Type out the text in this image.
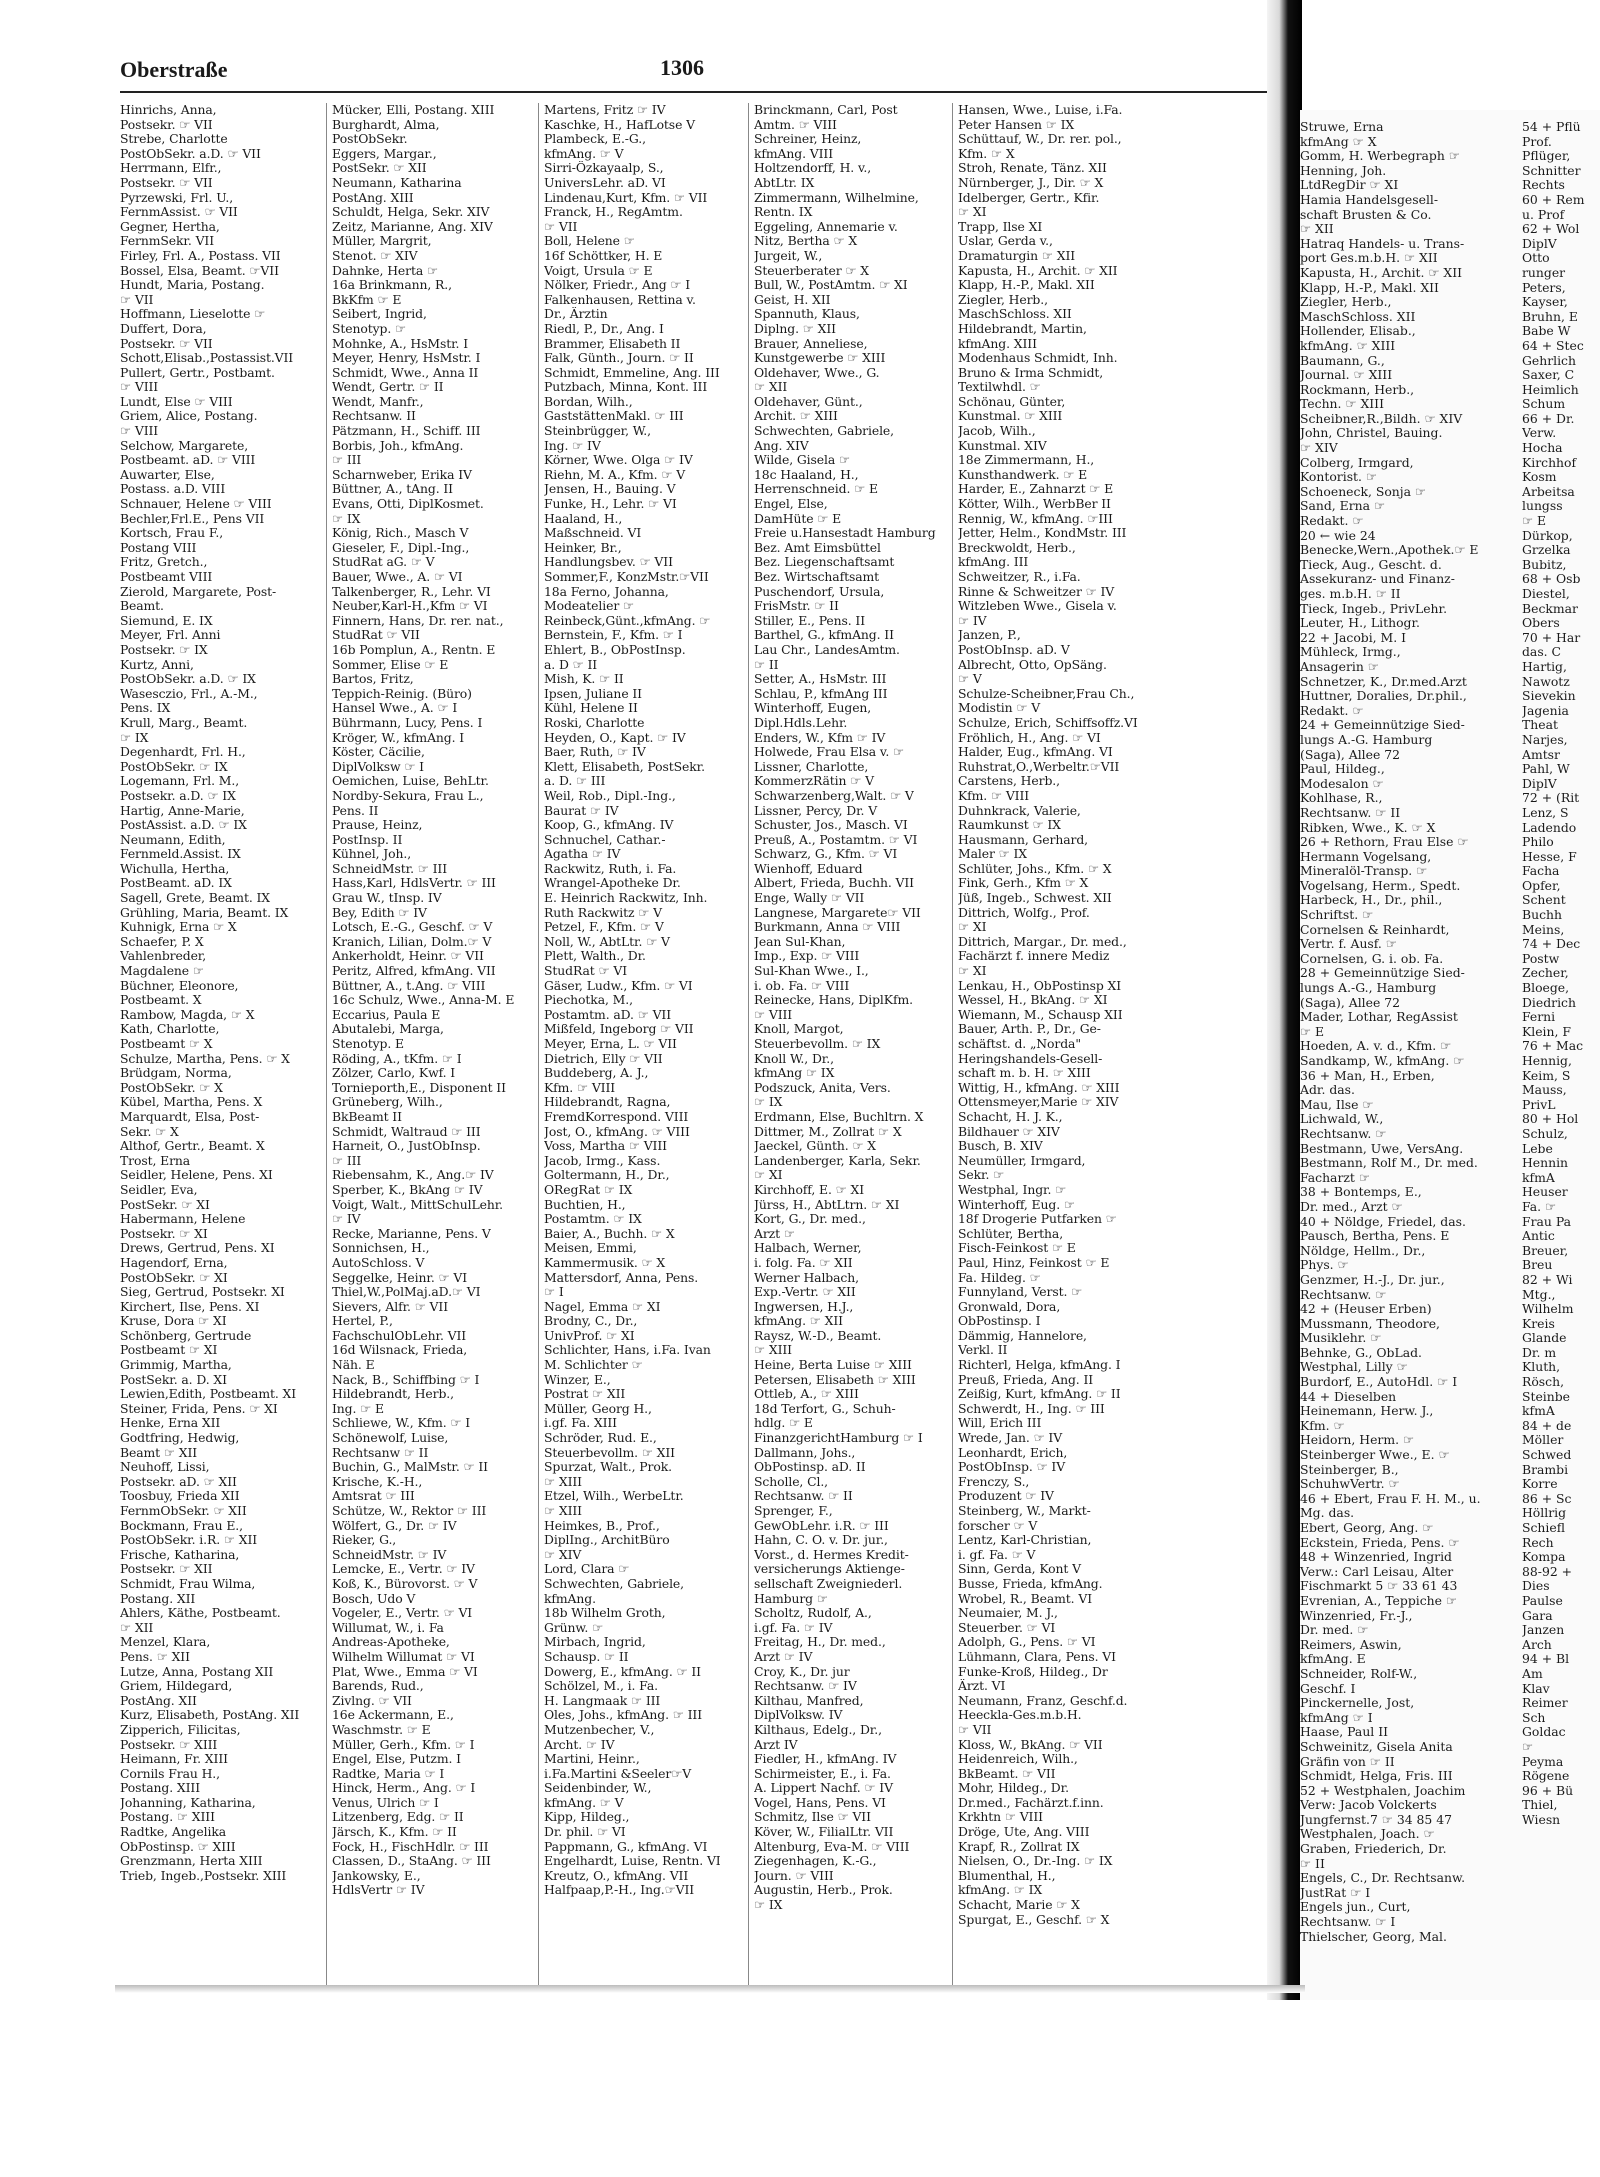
Oberstraße	1306
Hinrichs, Anna,
Postsekr. ☞ VII
Strebe, Charlotte
PostObSekr. a.D. ☞ VII
Herrmann, Elfr.,
Postsekr. ☞ VII
Pyrzewski, Frl. U.,
FernmAssist. ☞ VII
Gegner, Hertha,
FernmSekr. VII
Firley, Frl. A., Postass. VII
Bossel, Elsa, Beamt. ☞VII
Hundt, Maria, Postang.
☞ VII
Hoffmann, Lieselotte ☞
Duffert, Dora,
Postsekr. ☞ VII
Schott,Elisab.,Postassist.VII
Pullert, Gertr., Postbamt.
☞ VIII
Lundt, Else ☞ VIII
Griem, Alice, Postang.
☞ VIII
Selchow, Margarete,
Postbeamt. aD. ☞ VIII
Auwarter, Else,
Postass. a.D. VIII
Schnauer, Helene ☞ VIII
Bechler,Frl.E., Pens VII
Kortsch, Frau F.,
Postang VIII
Fritz, Gretch.,
Postbeamt VIII
Zierold, Margarete, Post-
Beamt.
Siemund, E. IX
Meyer, Frl. Anni
Postsekr. ☞ IX
Kurtz, Anni,
PostObSekr. a.D. ☞ IX
Wasesczio, Frl., A.-M.,
Pens. IX
Krull, Marg., Beamt.
☞ IX
Degenhardt, Frl. H.,
PostObSekr. ☞ IX
Logemann, Frl. M.,
Postsekr. a.D. ☞ IX
Hartig, Anne-Marie,
PostAssist. a.D. ☞ IX
Neumann, Edith,
Fernmeld.Assist. IX
Wichulla, Hertha,
PostBeamt. aD. IX
Sagell, Grete, Beamt. IX
Grühling, Maria, Beamt. IX
Kuhnigk, Erna ☞ X
Schaefer, P. X
Vahlenbreder,
Magdalene ☞
Büchner, Eleonore,
Postbeamt. X
Rambow, Magda, ☞ X
Kath, Charlotte,
Postbeamt ☞ X
Schulze, Martha, Pens. ☞ X
Brüdgam, Norma,
PostObSekr. ☞ X
Kübel, Martha, Pens. X
Marquardt, Elsa, Post-
Sekr. ☞ X
Althof, Gertr., Beamt. X
Trost, Erna
Seidler, Helene, Pens. XI
Seidler, Eva,
PostSekr. ☞ XI
Habermann, Helene
Postsekr. ☞ XI
Drews, Gertrud, Pens. XI
Hagendorf, Erna,
PostObSekr. ☞ XI
Sieg, Gertrud, Postsekr. XI
Kirchert, Ilse, Pens. XI
Kruse, Dora ☞ XI
Schönberg, Gertrude
Postbeamt ☞ XI
Grimmig, Martha,
PostSekr. a. D. XI
Lewien,Edith, Postbeamt. XI
Steiner, Frida, Pens. ☞ XI
Henke, Erna XII
Godtfring, Hedwig,
Beamt ☞ XII
Neuhoff, Lissi,
Postsekr. aD. ☞ XII
Toosbuy, Frieda XII
FernmObSekr. ☞ XII
Bockmann, Frau E.,
PostObSekr. i.R. ☞ XII
Frische, Katharina,
Postsekr. ☞ XII
Schmidt, Frau Wilma,
Postang. XII
Ahlers, Käthe, Postbeamt.
☞ XII
Menzel, Klara,
Pens. ☞ XII
Lutze, Anna, Postang XII
Griem, Hildegard,
PostAng. XII
Kurz, Elisabeth, PostAng. XII
Zipperich, Filicitas,
Postsekr. ☞ XIII
Heimann, Fr. XIII
Cornils Frau H.,
Postang. XIII
Johanning, Katharina,
Postang. ☞ XIII
Radtke, Angelika
ObPostinsp. ☞ XIII
Grenzmann, Herta XIII
Trieb, Ingeb.,Postsekr. XIII
Mücker, Elli, Postang. XIII
Burghardt, Alma,
PostObSekr.
Eggers, Margar.,
PostSekr. ☞ XII
Neumann, Katharina
PostAng. XIII
Schuldt, Helga, Sekr. XIV
Zeitz, Marianne, Ang. XIV
Müller, Margrit,
Stenot. ☞ XIV
Dahnke, Herta ☞
16a Brinkmann, R.,
BkKfm ☞ E
Seibert, Ingrid,
Stenotyp. ☞
Mohnke, A., HsMstr. I
Meyer, Henry, HsMstr. I
Schmidt, Wwe., Anna II
Wendt, Gertr. ☞ II
Wendt, Manfr.,
Rechtsanw. II
Pätzmann, H., Schiff. III
Borbis, Joh., kfmAng.
☞ III
Scharnweber, Erika IV
Büttner, A., tAng. II
Evans, Otti, DiplKosmet.
☞ IX
König, Rich., Masch V
Gieseler, F., Dipl.-Ing.,
StudRat aG. ☞ V
Bauer, Wwe., A. ☞ VI
Talkenberger, R., Lehr. VI
Neuber,Karl-H.,Kfm ☞ VI
Finnern, Hans, Dr. rer. nat.,
StudRat ☞ VII
16b Pomplun, A., Rentn. E
Sommer, Elise ☞ E
Bartos, Fritz,
Teppich-Reinig. (Büro)
Hansel Wwe., A. ☞ I
Bührmann, Lucy, Pens. I
Kröger, W., kfmAng. I
Köster, Cäcilie,
DiplVolksw ☞ I
Oemichen, Luise, BehLtr.
Nordby-Sekura, Frau L.,
Pens. II
Prause, Heinz,
PostInsp. II
Kühnel, Joh.,
SchneidMstr. ☞ III
Hass,Karl, HdlsVertr. ☞ III
Grau W., tInsp. IV
Bey, Edith ☞ IV
Lotsch, E.-G., Geschf. ☞ V
Kranich, Lilian, Dolm.☞ V
Ankerholdt, Heinr. ☞ VII
Peritz, Alfred, kfmAng. VII
Büttner, A., t.Ang. ☞ VIII
16c Schulz, Wwe., Anna-M. E
Eccarius, Paula E
Abutalebi, Marga,
Stenotyp. E
Röding, A., tKfm. ☞ I
Zölzer, Carlo, Kwf. I
Tornieporth,E., Disponent II
Grüneberg, Wilh.,
BkBeamt II
Schmidt, Waltraud ☞ III
Harneit, O., JustObInsp.
☞ III
Riebensahm, K., Ang.☞ IV
Sperber, K., BkAng ☞ IV
Voigt, Walt., MittSchulLehr.
☞ IV
Recke, Marianne, Pens. V
Sonnichsen, H.,
AutoSchloss. V
Seggelke, Heinr. ☞ VI
Thiel,W.,PolMaj.aD.☞ VI
Sievers, Alfr. ☞ VII
Hertel, P.,
FachschulObLehr. VII
16d Wilsnack, Frieda,
Näh. E
Nack, B., Schiffbing ☞ I
Hildebrandt, Herb.,
Ing. ☞ E
Schliewe, W., Kfm. ☞ I
Schönewolf, Luise,
Rechtsanw ☞ II
Buchin, G., MalMstr. ☞ II
Krische, K.-H.,
Amtsrat ☞ III
Schütze, W., Rektor ☞ III
Wölfert, G., Dr. ☞ IV
Rieker, G.,
SchneidMstr. ☞ IV
Lemcke, E., Vertr. ☞ IV
Koß, K., Bürovorst. ☞ V
Bosch, Udo V
Vogeler, E., Vertr. ☞ VI
Willumat, W., i. Fa
Andreas-Apotheke,
Wilhelm Willumat ☞ VI
Plat, Wwe., Emma ☞ VI
Barends, Rud.,
Zivlng. ☞ VII
16e Ackermann, E.,
Waschmstr. ☞ E
Müller, Gerh., Kfm. ☞ I
Engel, Else, Putzm. I
Radtke, Maria ☞ I
Hinck, Herm., Ang. ☞ I
Venus, Ulrich ☞ I
Litzenberg, Edg. ☞ II
Järsch, K., Kfm. ☞ II
Fock, H., FischHdlr. ☞ III
Classen, D., StaAng. ☞ III
Jankowsky, E.,
HdlsVertr ☞ IV
Martens, Fritz ☞ IV
Kaschke, H., HafLotse V
Plambeck, E.-G.,
kfmAng. ☞ V
Sirri-Özkayaalp, S.,
UniversLehr. aD. VI
Lindenau,Kurt, Kfm. ☞ VII
Franck, H., RegAmtm.
☞ VII
Boll, Helene ☞
16f Schöttker, H. E
Voigt, Ursula ☞ E
Nölker, Friedr., Ang ☞ I
Falkenhausen, Rettina v.
Dr., Ärztin
Riedl, P., Dr., Ang. I
Brammer, Elisabeth II
Falk, Günth., Journ. ☞ II
Schmidt, Emmeline, Ang. III
Putzbach, Minna, Kont. III
Bordan, Wilh.,
GaststättenMakl. ☞ III
Steinbrügger, W.,
Ing. ☞ IV
Körner, Wwe. Olga ☞ IV
Riehn, M. A., Kfm. ☞ V
Jensen, H., Bauing. V
Funke, H., Lehr. ☞ VI
Haaland, H.,
Maßschneid. VI
Heinker, Br.,
Handlungsbev. ☞ VII
Sommer,F., KonzMstr.☞VII
18a Ferno, Johanna,
Modeatelier ☞
Reinbeck,Günt.,kfmAng. ☞
Bernstein, F., Kfm. ☞ I
Ehlert, B., ObPostInsp.
a. D ☞ II
Mish, K. ☞ II
Ipsen, Juliane II
Kühl, Helene II
Roski, Charlotte
Heyden, O., Kapt. ☞ IV
Baer, Ruth, ☞ IV
Klett, Elisabeth, PostSekr.
a. D. ☞ III
Weil, Rob., Dipl.-Ing.,
Baurat ☞ IV
Koop, G., kfmAng. IV
Schnuchel, Cathar.-
Agatha ☞ IV
Rackwitz, Ruth, i. Fa.
Wrangel-Apotheke Dr.
E. Heinrich Rackwitz, Inh.
Ruth Rackwitz ☞ V
Petzel, F., Kfm. ☞ V
Noll, W., AbtLtr. ☞ V
Plett, Walth., Dr.
StudRat ☞ VI
Gäser, Ludw., Kfm. ☞ VI
Piechotka, M.,
Postamtm. aD. ☞ VII
Mißfeld, Ingeborg ☞ VII
Meyer, Erna, L. ☞ VII
Dietrich, Elly ☞ VII
Buddeberg, A. J.,
Kfm. ☞ VIII
Hildebrandt, Ragna,
FremdKorrespond. VIII
Jost, O., kfmAng. ☞ VIII
Voss, Martha ☞ VIII
Jacob, Irmg., Kass.
Goltermann, H., Dr.,
ORegRat ☞ IX
Buchtien, H.,
Postamtm. ☞ IX
Baier, A., Buchh. ☞ X
Meisen, Emmi,
Kammermusik. ☞ X
Mattersdorf, Anna, Pens.
☞ I
Nagel, Emma ☞ XI
Brodny, C., Dr.,
UnivProf. ☞ XI
Schlichter, Hans, i.Fa. Ivan
M. Schlichter ☞
Winzer, E.,
Postrat ☞ XII
Müller, Georg H.,
i.gf. Fa. XIII
Schröder, Rud. E.,
Steuerbevollm. ☞ XII
Spurzat, Walt., Prok.
☞ XIII
Etzel, Wilh., WerbeLtr.
☞ XIII
Heimkes, B., Prof.,
DiplIng., ArchitBüro
☞ XIV
Lord, Clara ☞
Schwechten, Gabriele,
kfmAng.
18b Wilhelm Groth,
Grünw. ☞
Mirbach, Ingrid,
Schausp. ☞ II
Dowerg, E., kfmAng. ☞ II
Schölzel, M., i. Fa.
H. Langmaak ☞ III
Oles, Johs., kfmAng. ☞ III
Mutzenbecher, V.,
Archt. ☞ IV
Martini, Heinr.,
i.Fa.Martini &Seeler☞V
Seidenbinder, W.,
kfmAng. ☞ V
Kipp, Hildeg.,
Dr. phil. ☞ VI
Pappmann, G., kfmAng. VI
Engelhardt, Luise, Rentn. VI
Kreutz, O., kfmAng. VII
Halfpaap,P.-H., Ing.☞VII
Brinckmann, Carl, Post
Amtm. ☞ VIII
Schreiner, Heinz,
kfmAng. VIII
Holtzendorff, H. v.,
AbtLtr. IX
Zimmermann, Wilhelmine,
Rentn. IX
Eggeling, Annemarie v.
Nitz, Bertha ☞ X
Jurgeit, W.,
Steuerberater ☞ X
Bull, W., PostAmtm. ☞ XI
Geist, H. XII
Spannuth, Klaus,
Diplng. ☞ XII
Brauer, Anneliese,
Kunstgewerbe ☞ XIII
Oldehaver, Wwe., G.
☞ XII
Oldehaver, Günt.,
Archit. ☞ XIII
Schwechten, Gabriele,
Ang. XIV
Wilde, Gisela ☞
18c Haaland, H.,
Herrenschneid. ☞ E
Engel, Else,
DamHüte ☞ E
Freie u.Hansestadt Hamburg
Bez. Amt Eimsbüttel
Bez. Liegenschaftsamt
Bez. Wirtschaftsamt
Puschendorf, Ursula,
FrisMstr. ☞ II
Stiller, E., Pens. II
Barthel, G., kfmAng. II
Lau Chr., LandesAmtm.
☞ II
Setter, A., HsMstr. III
Schlau, P., kfmAng III
Winterhoff, Eugen,
Dipl.Hdls.Lehr.
Enders, W., Kfm ☞ IV
Holwede, Frau Elsa v. ☞
Lissner, Charlotte,
KommerzRätin ☞ V
Schwarzenberg,Walt. ☞ V
Lissner, Percy, Dr. V
Schuster, Jos., Masch. VI
Preuß, A., Postamtm. ☞ VI
Schwarz, G., Kfm. ☞ VI
Wienhoff, Eduard
Albert, Frieda, Buchh. VII
Enge, Wally ☞ VII
Langnese, Margarete☞ VII
Burkmann, Anna ☞ VIII
Jean Sul-Khan,
Imp., Exp. ☞ VIII
Sul-Khan Wwe., I.,
i. ob. Fa. ☞ VIII
Reinecke, Hans, DiplKfm.
☞ VIII
Knoll, Margot,
Steuerbevollm. ☞ IX
Knoll W., Dr.,
kfmAng ☞ IX
Podszuck, Anita, Vers.
☞ IX
Erdmann, Else, Buchltrn. X
Dittmer, M., Zollrat ☞ X
Jaeckel, Günth. ☞ X
Landenberger, Karla, Sekr.
☞ XI
Kirchhoff, E. ☞ XI
Jürss, H., AbtLtrn. ☞ XI
Kort, G., Dr. med.,
Arzt ☞
Halbach, Werner,
i. folg. Fa. ☞ XII
Werner Halbach,
Exp.-Vertr. ☞ XII
Ingwersen, H.J.,
kfmAng. ☞ XII
Raysz, W.-D., Beamt.
☞ XIII
Heine, Berta Luise ☞ XIII
Petersen, Elisabeth ☞ XIII
Ottleb, A., ☞ XIII
18d Terfort, G., Schuh-
hdlg. ☞ E
FinanzgerichtHamburg ☞ I
Dallmann, Johs.,
ObPostinsp. aD. II
Scholle, Cl.,
Rechtsanw. ☞ II
Sprenger, F.,
GewObLehr. i.R. ☞ III
Hahn, C. O. v. Dr. jur.,
Vorst., d. Hermes Kredit-
versicherungs Aktienge-
sellschaft Zweigniederl.
Hamburg ☞
Scholtz, Rudolf, A.,
i.gf. Fa. ☞ IV
Freitag, H., Dr. med.,
Arzt ☞ IV
Croy, K., Dr. jur
Rechtsanw. ☞ IV
Kilthau, Manfred,
DiplVolksw. IV
Kilthaus, Edelg., Dr.,
Arzt IV
Fiedler, H., kfmAng. IV
Schirmeister, E., i. Fa.
A. Lippert Nachf. ☞ IV
Vogel, Hans, Pens. VI
Schmitz, Ilse ☞ VII
Köver, W., FilialLtr. VII
Altenburg, Eva-M. ☞ VIII
Ziegenhagen, K.-G.,
Journ. ☞ VIII
Augustin, Herb., Prok.
☞ IX
Hansen, Wwe., Luise, i.Fa.
Peter Hansen ☞ IX
Schüttauf, W., Dr. rer. pol.,
Kfm. ☞ X
Stroh, Renate, Tänz. XII
Nürnberger, J., Dir. ☞ X
Idelberger, Gertr., Kfir.
☞ XI
Trapp, Ilse XI
Uslar, Gerda v.,
Dramaturgin ☞ XII
Kapusta, H., Archit. ☞ XII
Klapp, H.-P., Makl. XII
Ziegler, Herb.,
MaschSchloss. XII
Hildebrandt, Martin,
kfmAng. XIII
Modenhaus Schmidt, Inh.
Bruno & Irma Schmidt,
Textilwhdl. ☞
Schönau, Günter,
Kunstmal. ☞ XIII
Jacob, Wilh.,
Kunstmal. XIV
18e Zimmermann, H.,
Kunsthandwerk. ☞ E
Harder, E., Zahnarzt ☞ E
Kötter, Wilh., WerbBer II
Rennig, W., kfmAng. ☞III
Jetter, Helm., KondMstr. III
Breckwoldt, Herb.,
kfmAng. III
Schweitzer, R., i.Fa.
Rinne & Schweitzer ☞ IV
Witzleben Wwe., Gisela v.
☞ IV
Janzen, P.,
PostObInsp. aD. V
Albrecht, Otto, OpSäng.
☞ V
Schulze-Scheibner,Frau Ch.,
Modistin ☞ V
Schulze, Erich, Schiffsoffz.VI
Fröhlich, H., Ang. ☞ VI
Halder, Eug., kfmAng. VI
Ruhstrat,O.,Werbeltr.☞VII
Carstens, Herb.,
Kfm. ☞ VIII
Duhnkrack, Valerie,
Raumkunst ☞ IX
Hausmann, Gerhard,
Maler ☞ IX
Schlüter, Johs., Kfm. ☞ X
Fink, Gerh., Kfm ☞ X
Jüß, Ingeb., Schwest. XII
Dittrich, Wolfg., Prof.
☞ XI
Dittrich, Margar., Dr. med.,
Fachärzt f. innere Mediz
☞ XI
Lenkau, H., ObPostinsp XI
Wessel, H., BkAng. ☞ XI
Wiemann, M., Schausp XII
Bauer, Arth. P., Dr., Ge-
schäftst. d. „Norda"
Heringshandels-Gesell-
schaft m. b. H. ☞ XIII
Wittig, H., kfmAng. ☞ XIII
Ottensmeyer,Marie ☞ XIV
Schacht, H. J. K.,
Bildhauer ☞ XIV
Busch, B. XIV
Neumüller, Irmgard,
Sekr. ☞
Westphal, Ingr. ☞
Winterhoff, Eug. ☞
18f Drogerie Putfarken ☞
Schlüter, Bertha,
Fisch-Feinkost ☞ E
Paul, Hinz, Feinkost ☞ E
Fa. Hildeg. ☞
Funnyland, Verst. ☞
Gronwald, Dora,
ObPostinsp. I
Dämmig, Hannelore,
Verkl. II
Richterl, Helga, kfmAng. I
Preuß, Frieda, Ang. II
Zeißig, Kurt, kfmAng. ☞ II
Schwerdt, H., Ing. ☞ III
Will, Erich III
Wrede, Jan. ☞ IV
Leonhardt, Erich,
PostObInsp. ☞ IV
Frenczy, S.,
Produzent ☞ IV
Steinberg, W., Markt-
forscher ☞ V
Lentz, Karl-Christian,
i. gf. Fa. ☞ V
Sinn, Gerda, Kont V
Busse, Frieda, kfmAng.
Wrobel, R., Beamt. VI
Neumaier, M. J.,
Steuerber. ☞ VI
Adolph, G., Pens. ☞ VI
Lühmann, Clara, Pens. VI
Funke-Kroß, Hildeg., Dr
Ärzt. VI
Neumann, Franz, Geschf.d.
Heeckla-Ges.m.b.H.
☞ VII
Kloss, W., BkAng. ☞ VII
Heidenreich, Wilh.,
BkBeamt. ☞ VII
Mohr, Hildeg., Dr.
Dr.med., Fachärzt.f.inn.
Krkhtn ☞ VIII
Dröge, Ute, Ang. VIII
Krapf, R., Zollrat IX
Nielsen, O., Dr.-Ing. ☞ IX
Blumenthal, H.,
kfmAng. ☞ IX
Schacht, Marie ☞ X
Spurgat, E., Geschf. ☞ X
Struwe, Erna
kfmAng ☞ X
Gomm, H. Werbegraph ☞
Henning, Joh.
LtdRegDir ☞ XI
Hamia Handelsgesell-
schaft Brusten & Co.
☞ XII
Hatraq Handels- u. Trans-
port Ges.m.b.H. ☞ XII
Kapusta, H., Archit. ☞ XII
Klapp, H.-P., Makl. XII
Ziegler, Herb.,
MaschSchloss. XII
Hollender, Elisab.,
kfmAng. ☞ XIII
Baumann, G.,
Journal. ☞ XIII
Rockmann, Herb.,
Techn. ☞ XIII
Scheibner,R.,Bildh. ☞ XIV
John, Christel, Bauing.
☞ XIV
Colberg, Irmgard,
Kontorist. ☞
Schoeneck, Sonja ☞
Sand, Erna ☞
Redakt. ☞
20 ← wie 24
Benecke,Wern.,Apothek.☞ E
Tieck, Aug., Gescht. d.
Assekuranz- und Finanz-
ges. m.b.H. ☞ II
Tieck, Ingeb., PrivLehr.
Leuter, H., Lithogr.
22 + Jacobi, M. I
Mühleck, Irmg.,
Ansagerin ☞
Schnetzer, K., Dr.med.Arzt
Huttner, Doralies, Dr.phil.,
Redakt. ☞
24 + Gemeinnützige Sied-
lungs A.-G. Hamburg
(Saga), Allee 72
Paul, Hildeg.,
Modesalon ☞
Kohlhase, R.,
Rechtsanw. ☞ II
Ribken, Wwe., K. ☞ X
26 + Rethorn, Frau Else ☞
Hermann Vogelsang,
Mineralöl-Transp. ☞
Vogelsang, Herm., Spedt.
Harbeck, H., Dr., phil.,
Schriftst. ☞
Cornelsen & Reinhardt,
Vertr. f. Ausf. ☞
Cornelsen, G. i. ob. Fa.
28 + Gemeinnützige Sied-
lungs A.-G., Hamburg
(Saga), Allee 72
Mader, Lothar, RegAssist
☞ E
Hoeden, A. v. d., Kfm. ☞
Sandkamp, W., kfmAng. ☞
36 + Man, H., Erben,
Adr. das.
Mau, Ilse ☞
Lichwald, W.,
Rechtsanw. ☞
Bestmann, Uwe, VersAng.
Bestmann, Rolf M., Dr. med.
Facharzt ☞
38 + Bontemps, E.,
Dr. med., Arzt ☞
40 + Nöldge, Friedel, das.
Pausch, Bertha, Pens. E
Nöldge, Hellm., Dr.,
Phys. ☞
Genzmer, H.-J., Dr. jur.,
Rechtsanw. ☞
42 + (Heuser Erben)
Mussmann, Theodore,
Musiklehr. ☞
Behnke, G., ObLad.
Westphal, Lilly ☞
Burdorf, E., AutoHdl. ☞ I
44 + Dieselben
Heinemann, Herw. J.,
Kfm. ☞
Heidorn, Herm. ☞
Steinberger Wwe., E. ☞
Steinberger, B.,
SchuhwVertr. ☞
46 + Ebert, Frau F. H. M., u.
Mg. das.
Ebert, Georg, Ang. ☞
Eckstein, Frieda, Pens. ☞
48 + Winzenried, Ingrid
Verw.: Carl Leisau, Alter
Fischmarkt 5 ☞ 33 61 43
Evrenian, A., Teppiche ☞
Winzenried, Fr.-J.,
Dr. med. ☞
Reimers, Aswin,
kfmAng. E
Schneider, Rolf-W.,
Geschf. I
Pinckernelle, Jost,
kfmAng ☞ I
Haase, Paul II
Schweinitz, Gisela Anita
Gräfin von ☞ II
Schmidt, Helga, Fris. III
52 + Westphalen, Joachim
Verw: Jacob Volckerts
Jungfernst.7 ☞ 34 85 47
Westphalen, Joach. ☞
Graben, Friederich, Dr.
☞ II
Engels, C., Dr. Rechtsanw.
JustRat ☞ I
Engels jun., Curt,
Rechtsanw. ☞ I
Thielscher, Georg, Mal.
54 + Pflü
Prof.
Pflüger,
Schnitter
Rechts
60 + Rem
u. Prof
62 + Wol
DiplV
Otto
runger
Peters,
Kayser,
Bruhn, E
Babe W
64 + Stec
Gehrlich
Saxer, C
Heimlich
Schum
66 + Dr.
Verw.
Hocha
Kirchhof
Kosm
Arbeitsa
lungss
☞ E
Dürkop,
Grzelka
Bubitz,
68 + Osb
Diestel,
Beckmar
Obers
70 + Har
das. C
Hartig,
Nawotz
Sievekin
Jagenia
Theat
Narjes,
Amtsr
Pahl, W
DiplV
72 + (Rit
Lenz, S
Ladendo
Philo
Hesse, F
Facha
Opfer,
Schent
Buchh
Meins,
74 + Dec
Postw
Zecher,
Bloege,
Diedrich
Ferni
Klein, F
76 + Mac
Hennig,
Keim, S
Mauss,
PrivL
80 + Hol
Schulz,
Lebe
Hennin
kfmA
Heuser
Fa. ☞
Frau Pa
Antic
Breuer,
Breu
82 + Wi
Mtg.,
Wilhelm
Kreis
Glande
Dr. m
Kluth,
Rösch,
Steinbe
kfmA
84 + de
Möller
Schwed
Brambi
Korre
86 + Sc
Höllrig
Schiefl
Rech
Kompa
88-92 +
Dies
Paulse
Gara
Janzen
Arch
94 + Bl
Am
Klav
Reimer
Sch
Goldac
☞
Peyma
Rögene
96 + Bü
Thiel,
Wiesn
